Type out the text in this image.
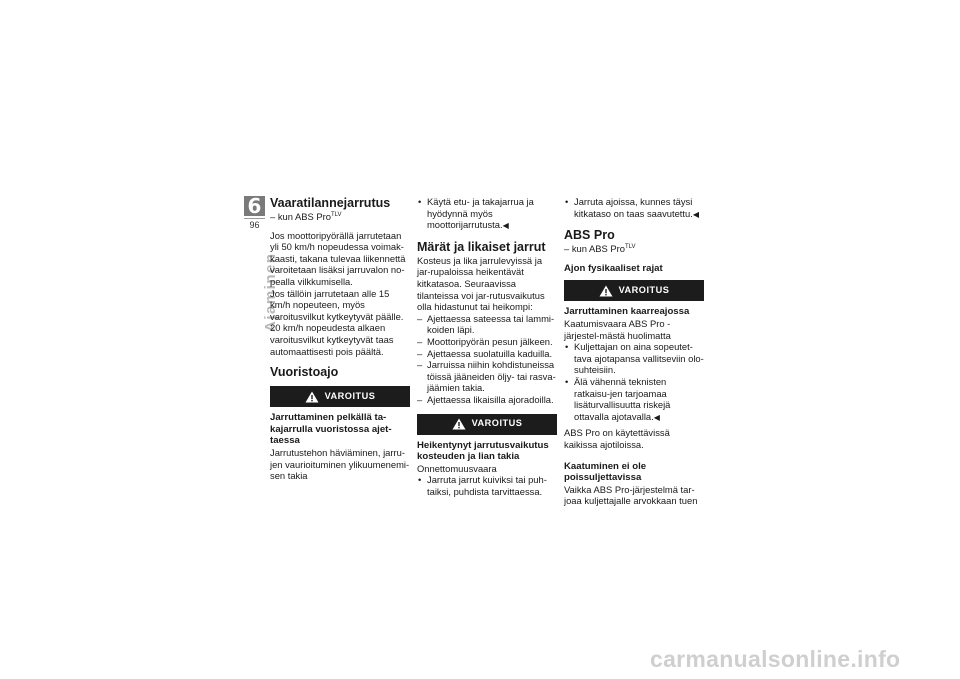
6
96
Ajaminen
Vaaratilannejarrutus

– kun ABS Pro$^{TLV}$

Jos moottoripyörällä jarrutetaan yli 50 km/h nopeudessa voimak-kaasti, takana tulevaa liikennettä varoitetaan lisäksi jarruvalon no-pealla vilkkumisella.

Jos tällöin jarrutetaan alle 15 km/h nopeuteen, myös varoitusvilkut kytkeytyvät päälle.

20 km/h nopeudesta alkaen varoitusvilkut kytkeytyvät taas automaattisesti pois päältä.

Vuoristoajo
VAROITUS

Jarruttaminen pelkällä ta-kajarrulla vuoristossa ajet-taessa

Jarrutustehon häviäminen, jarru-jen vaurioituminen ylikuumenemi-sen takia

• Käytä etu- ja takajarrua ja hyödynnä myös moottorijarrutusta.◀

Märät ja likaiset jarrut

Kosteus ja lika jarrulevyissä ja jar-rupaloissa heikentävät kitkatasoa. Seuraavissa tilanteissa voi jar-rutusvaikutus olla hidastunut tai heikompi:

– Ajettaessa sateessa tai lammi-koiden läpi.

– Moottoripyörän pesun jälkeen.

– Ajettaessa suolatuilla kaduilla.

– Jarruissa niihin kohdistuneissa töissä jääneiden öljy- tai rasva-jäämien takia.

– Ajettaessa likaisilla ajoradoilla.

VAROITUS

Heikentynyt jarrutusvaikutus kosteuden ja lian takia

Onnettomuusvaara

• Jarruta jarrut kuiviksi tai puh-taiksi, puhdista tarvittaessa.

• Jarruta ajoissa, kunnes täysi kitkataso on taas saavutettu.◀

ABS Pro

– kun ABS Pro$^{TLV}$

Ajon fysikaaliset rajat

VAROITUS

Jarruttaminen kaarreajossa

Kaatumisvaara ABS Pro -järjestel-mästä huolimatta

• Kuljettajan on aina sopeutet-tava ajotapansa vallitseviin olo-suhteisiin.

• Älä vähennä teknisten ratkaisu-jen tarjoamaa lisäturvallisuutta riskejä ottavalla ajotavalla.◀

ABS Pro on käytettävissä kaikissa ajotiloissa.

Kaatuminen ei ole poissuljettavissa

Vaikka ABS Pro-järjestelmä tar-joaa kuljettajalle arvokkaan tuen

carmanualsonline.info
